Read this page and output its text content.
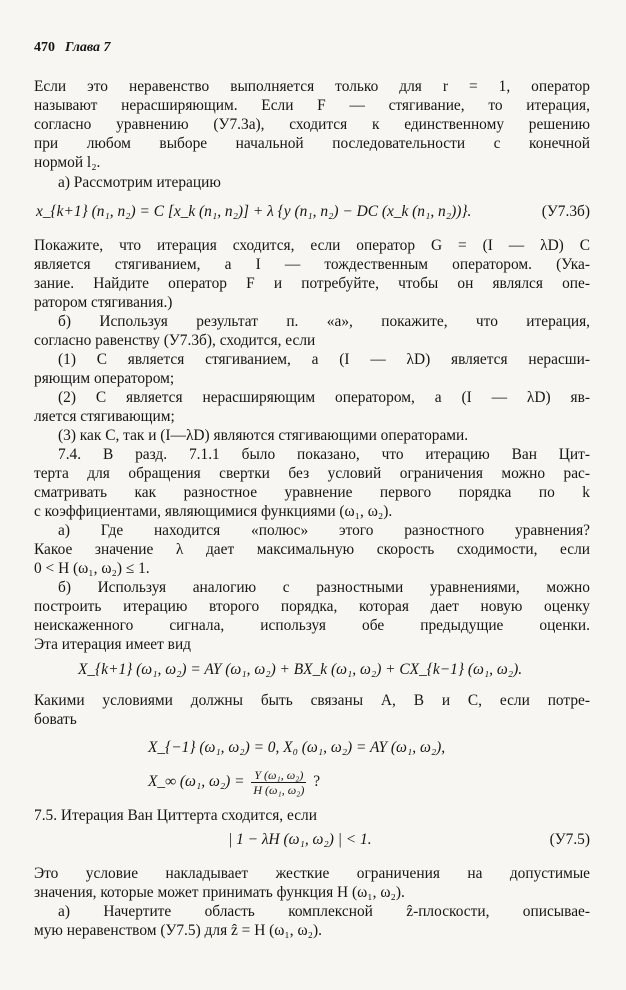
470 Глава 7
Если это неравенство выполняется только для r = 1, оператор
называют нерасширяющим. Если F — стягивание, то итерация,
согласно уравнению (У7.3а), сходится к единственному решению
при любом выборе начальной последовательности с конечной
нормой l₂.
а) Рассмотрим итерацию
x_{k+1} (n₁, n₂) = C [x_k (n₁, n₂)] + λ {y (n₁, n₂) − DC (x_k (n₁, n₂))}.	(У7.3б)
Покажите, что итерация сходится, если оператор G = (I — λD) C
является стягиванием, а I — тождественным оператором. (Ука-
зание. Найдите оператор F и потребуйте, чтобы он являлся опе-
ратором стягивания.)
б) Используя результат п. «а», покажите, что итерация,
согласно равенству (У7.3б), сходится, если
(1) C является стягиванием, а (I — λD) является нерасши-
ряющим оператором;
(2) C является нерасширяющим оператором, а (I — λD) яв-
ляется стягивающим;
(3) как C, так и (I—λD) являются стягивающими операторами.
7.4. В разд. 7.1.1 было показано, что итерацию Ван Цит-
терта для обращения свертки без условий ограничения можно рас-
сматривать как разностное уравнение первого порядка по k
с коэффициентами, являющимися функциями (ω₁, ω₂).
а) Где находится «полюс» этого разностного уравнения?
Какое значение λ дает максимальную скорость сходимости, если
0 < H (ω₁, ω₂) ≤ 1.
б) Используя аналогию с разностными уравнениями, можно
построить итерацию второго порядка, которая дает новую оценку
неискаженного сигнала, используя обе предыдущие оценки.
Эта итерация имеет вид
X_{k+1} (ω₁, ω₂) = AY (ω₁, ω₂) + BX_k (ω₁, ω₂) + CX_{k−1} (ω₁, ω₂).
Какими условиями должны быть связаны A, B и C, если потре-
бовать
X_{−1} (ω₁, ω₂) = 0, X₀ (ω₁, ω₂) = AY (ω₁, ω₂),
X_∞ (ω₁, $\omega_2) = \frac{\text{Y (ω₁, ω₂)}}{\text{H (ω₁, ω₂)}}$ ?
7.5. Итерация Ван Циттерта сходится, если
| 1 − λH (ω₁, ω₂) | < 1.	(У7.5)
Это условие накладывает жесткие ограничения на допустимые
значения, которые может принимать функция H (ω₁, ω₂).
а) Начертите область комплексной ẑ-плоскости, описывае-
мую неравенством (У7.5) для ẑ = H (ω₁, ω₂).
